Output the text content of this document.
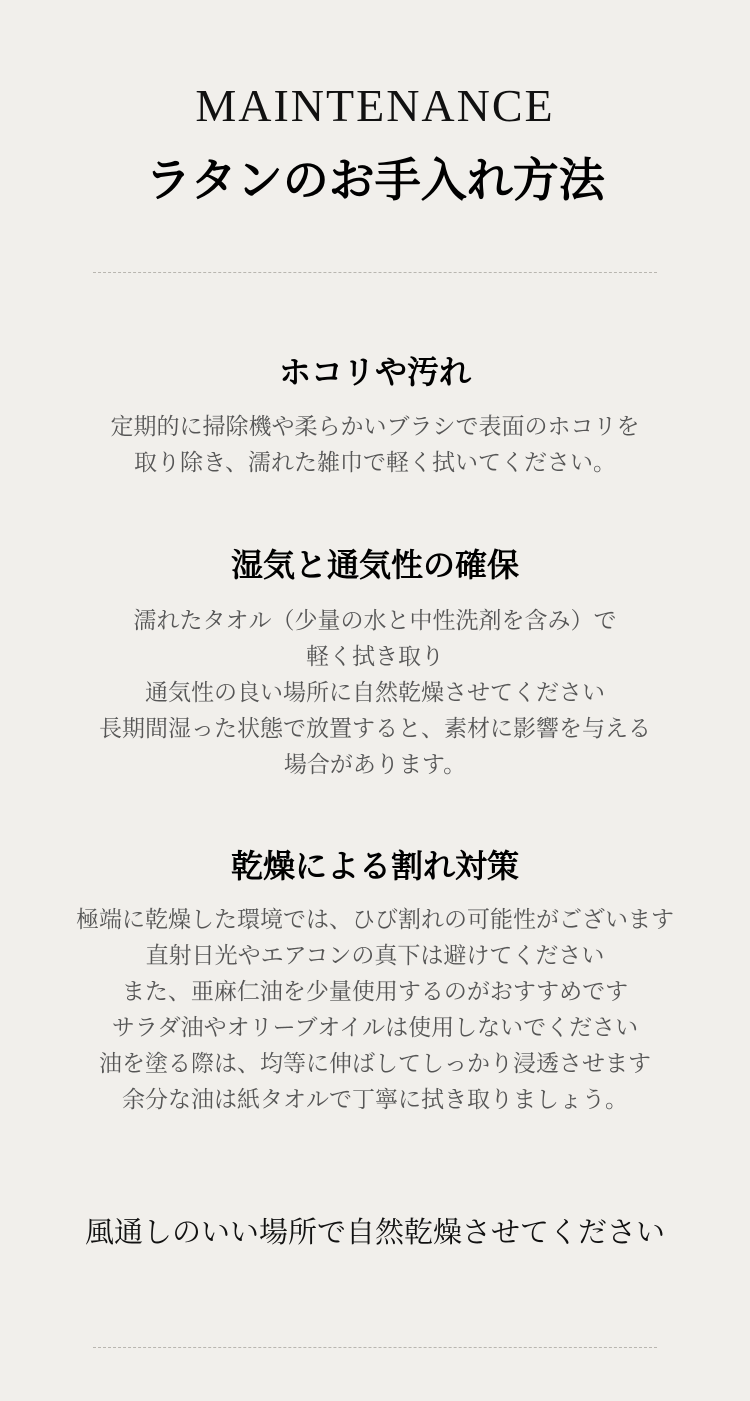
MAINTENANCE
ラタンのお手入れ方法
ホコリや汚れ
定期的に掃除機や柔らかいブラシで表面のホコリを
取り除き、濡れた雑巾で軽く拭いてください。
湿気と通気性の確保
濡れたタオル（少量の水と中性洗剤を含み）で
軽く拭き取り
通気性の良い場所に自然乾燥させてください
長期間湿った状態で放置すると、素材に影響を与える
場合があります。
乾燥による割れ対策
極端に乾燥した環境では、ひび割れの可能性がございます
直射日光やエアコンの真下は避けてください
また、亜麻仁油を少量使用するのがおすすめです
サラダ油やオリーブオイルは使用しないでください
油を塗る際は、均等に伸ばしてしっかり浸透させます
余分な油は紙タオルで丁寧に拭き取りましょう。
風通しのいい場所で自然乾燥させてください
